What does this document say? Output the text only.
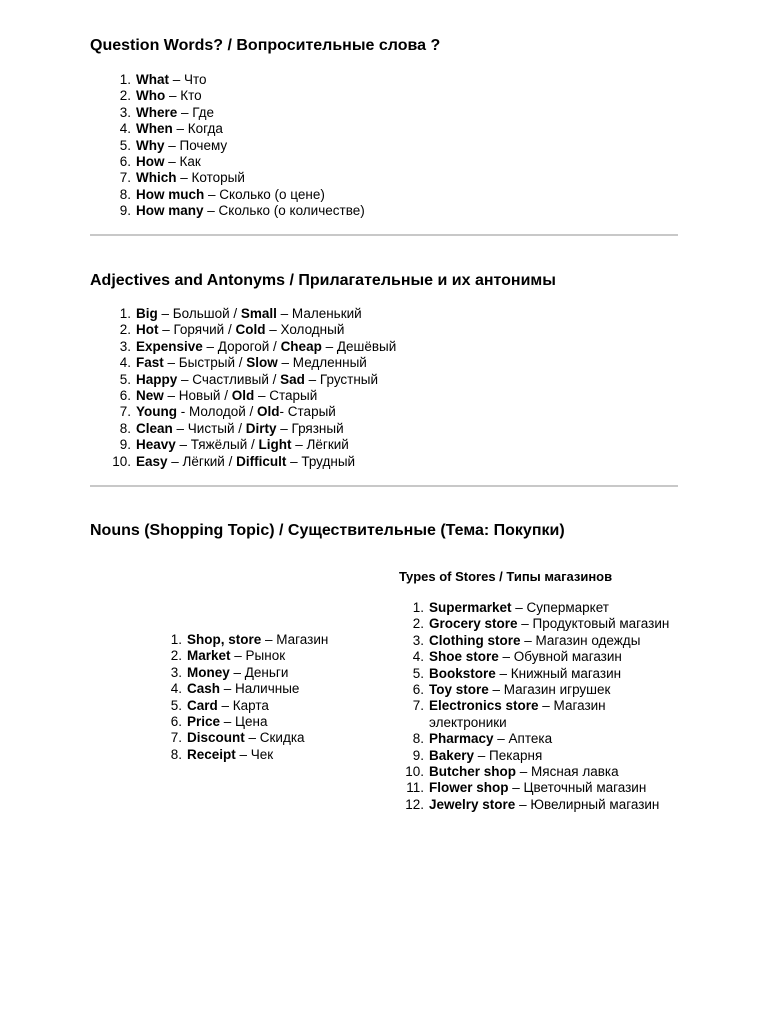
Question Words? / Вопросительные слова ?
1. What – Что
2. Who – Кто
3. Where – Где
4. When – Когда
5. Why – Почему
6. How – Как
7. Which – Который
8. How much – Сколько (о цене)
9. How many – Сколько (о количестве)
Adjectives and Antonyms / Прилагательные и их антонимы
1. Big – Большой / Small – Маленький
2. Hot – Горячий / Cold – Холодный
3. Expensive – Дорогой / Cheap – Дешёвый
4. Fast – Быстрый / Slow – Медленный
5. Happy – Счастливый / Sad – Грустный
6. New – Новый / Old – Старый
7. Young - Молодой / Old- Старый
8. Clean – Чистый / Dirty – Грязный
9. Heavy – Тяжёлый / Light – Лёгкий
10. Easy – Лёгкий / Difficult – Трудный
Nouns (Shopping Topic) / Существительные (Тема: Покупки)
1. Shop, store – Магазин
2. Market – Рынок
3. Money – Деньги
4. Cash – Наличные
5. Card – Карта
6. Price – Цена
7. Discount – Скидка
8. Receipt – Чек
Types of Stores / Типы магазинов
1. Supermarket – Супермаркет
2. Grocery store – Продуктовый магазин
3. Clothing store – Магазин одежды
4. Shoe store – Обувной магазин
5. Bookstore – Книжный магазин
6. Toy store – Магазин игрушек
7. Electronics store – Магазин электроники
8. Pharmacy – Аптека
9. Bakery – Пекарня
10. Butcher shop – Мясная лавка
11. Flower shop – Цветочный магазин
12. Jewelry store – Ювелирный магазин
